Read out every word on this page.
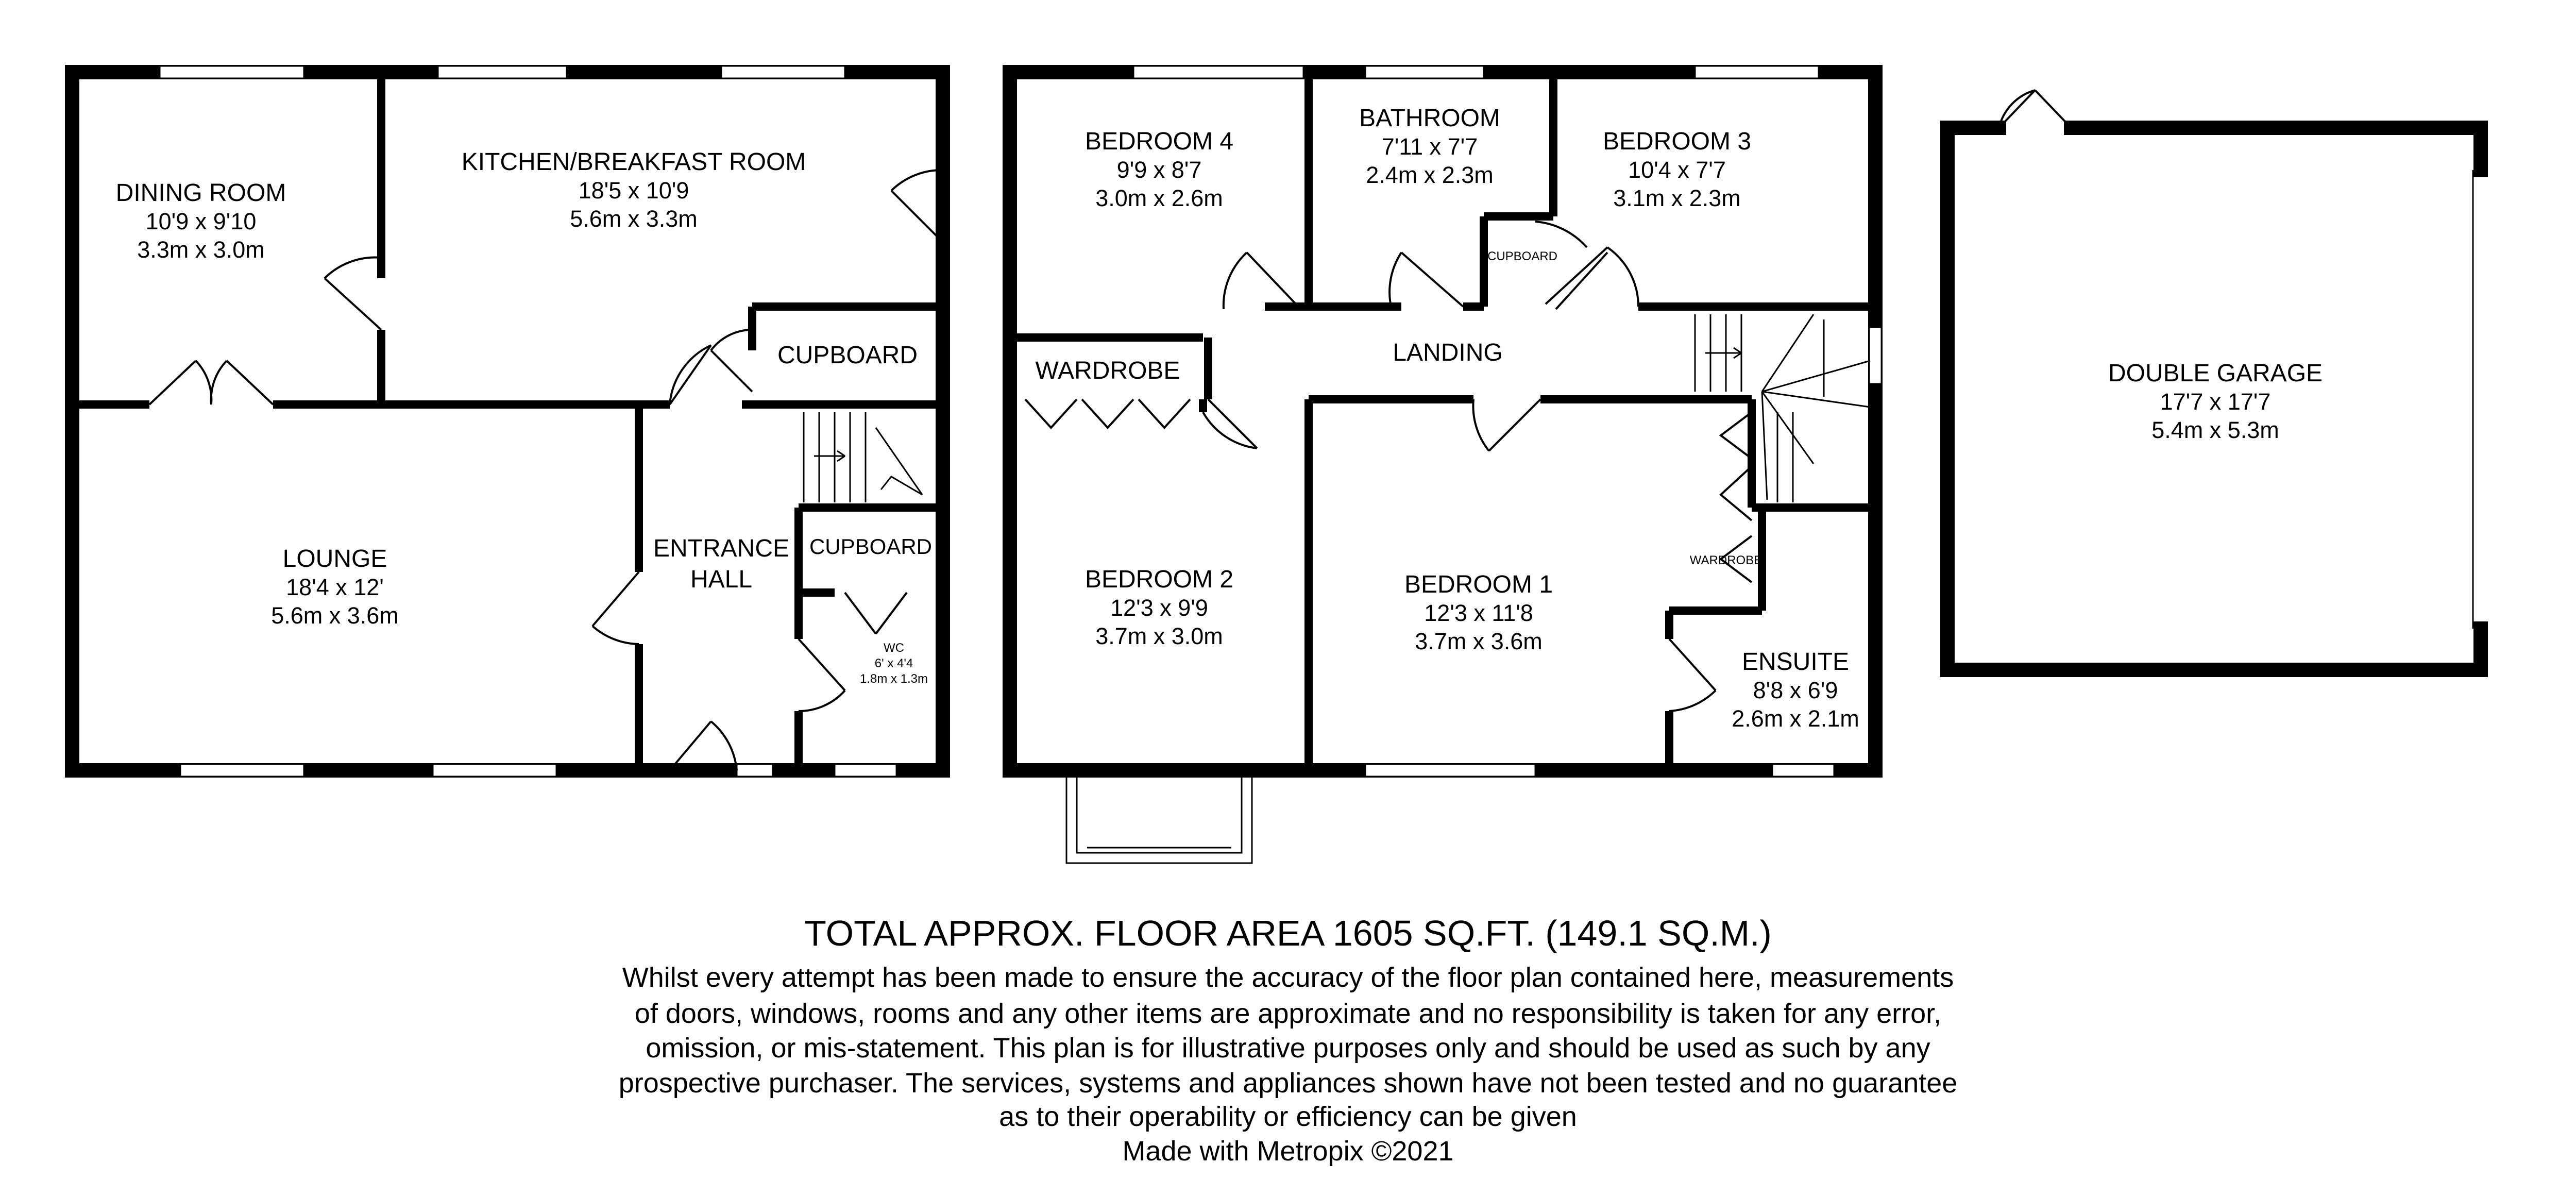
DINING ROOM
10'9 x 9'10
3.3m x 3.0m
KITCHEN/BREAKFAST ROOM
18'5 x 10'9
5.6m x 3.3m
CUPBOARD
LOUNGE
18'4 x 12'
5.6m x 3.6m
ENTRANCE
HALL
CUPBOARD
WC
6' x 4'4
1.8m x 1.3m
BEDROOM 4
9'9 x 8'7
3.0m x 2.6m
BATHROOM
7'11 x 7'7
2.4m x 2.3m
CUPBOARD
BEDROOM 3
10'4 x 7'7
3.1m x 2.3m
WARDROBE
LANDING
BEDROOM 2
12'3 x 9'9
3.7m x 3.0m
BEDROOM 1
12'3 x 11'8
3.7m x 3.6m
WARDROBE
ENSUITE
8'8 x 6'9
2.6m x 2.1m
DOUBLE GARAGE
17'7 x 17'7
5.4m x 5.3m
TOTAL APPROX. FLOOR AREA 1605 SQ.FT. (149.1 SQ.M.)
Whilst every attempt has been made to ensure the accuracy of the floor plan contained here, measurements
of doors, windows, rooms and any other items are approximate and no responsibility is taken for any error,
omission, or mis-statement. This plan is for illustrative purposes only and should be used as such by any
prospective purchaser. The services, systems and appliances shown have not been tested and no guarantee
as to their operability or efficiency can be given
Made with Metropix ©2021
